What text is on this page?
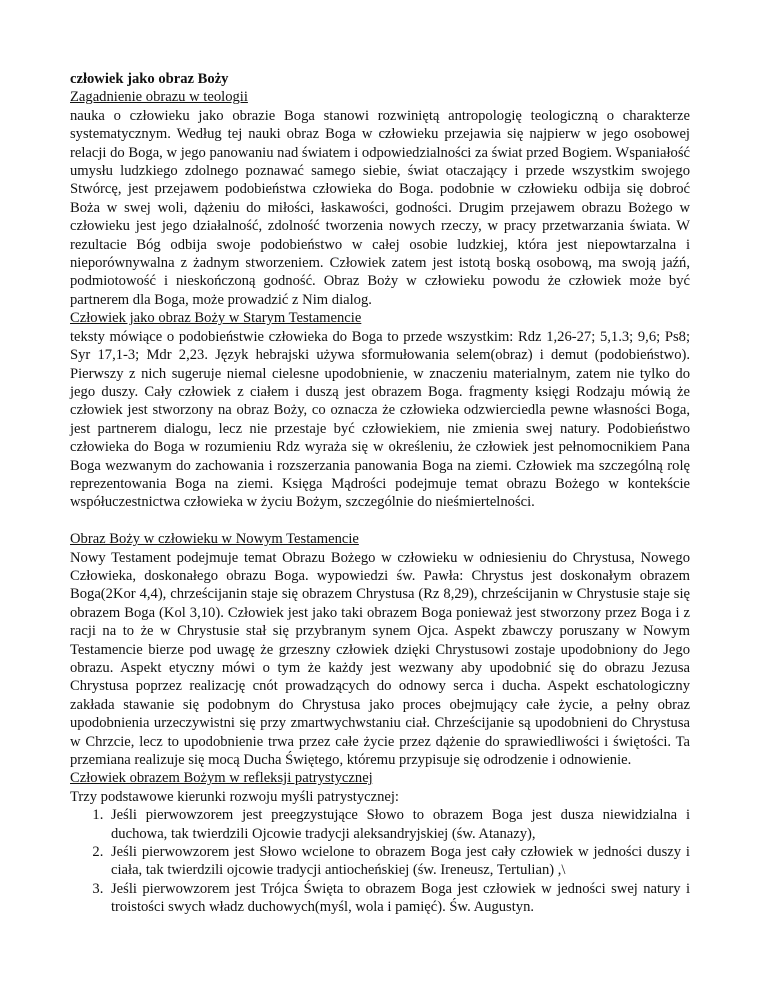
człowiek jako obraz Boży

Zagadnienie obrazu w teologii

nauka o człowieku jako obrazie Boga stanowi rozwiniętą antropologię teologiczną o charakterze systematycznym. Według tej nauki obraz Boga w człowieku przejawia się najpierw w jego osobowej relacji do Boga, w jego panowaniu nad światem i odpowiedzialności za świat przed Bogiem. Wspaniałość umysłu ludzkiego zdolnego poznawać samego siebie, świat otaczający i przede wszystkim swojego Stwórcę, jest przejawem podobieństwa człowieka do Boga. podobnie w człowieku odbija się dobroć Boża w swej woli, dążeniu do miłości, łaskawości, godności. Drugim przejawem obrazu Bożego w człowieku jest jego działalność, zdolność tworzenia nowych rzeczy, w pracy przetwarzania świata. W rezultacie Bóg odbija swoje podobieństwo w całej osobie ludzkiej, która jest niepowtarzalna i nieporównywalna z żadnym stworzeniem. Człowiek zatem jest istotą boską osobową, ma swoją jaźń, podmiotowość i nieskończoną godność. Obraz Boży w człowieku powodu że człowiek może być partnerem dla Boga, może prowadzić z Nim dialog.

Człowiek jako obraz Boży w Starym Testamencie

teksty mówiące o podobieństwie człowieka do Boga to przede wszystkim: Rdz 1,26-27; 5,1.3; 9,6; Ps8; Syr 17,1-3; Mdr 2,23. Język hebrajski używa sformułowania selem(obraz) i demut (podobieństwo). Pierwszy z nich sugeruje niemal cielesne upodobnienie, w znaczeniu materialnym, zatem nie tylko do jego duszy. Cały człowiek z ciałem i duszą jest obrazem Boga. fragmenty księgi Rodzaju mówią że człowiek jest stworzony na obraz Boży, co oznacza że człowieka odzwierciedla pewne własności Boga, jest partnerem dialogu, lecz nie przestaje być człowiekiem, nie zmienia swej natury. Podobieństwo człowieka do Boga w rozumieniu Rdz wyraża się w określeniu, że człowiek jest pełnomocnikiem Pana Boga wezwanym do zachowania i rozszerzania panowania Boga na ziemi. Człowiek ma szczególną rolę reprezentowania Boga na ziemi. Księga Mądrości podejmuje temat obrazu Bożego w kontekście współuczestnictwa człowieka w życiu Bożym, szczególnie do nieśmiertelności.

Obraz Boży w człowieku w Nowym Testamencie

Nowy Testament podejmuje temat Obrazu Bożego w człowieku w odniesieniu do Chrystusa, Nowego Człowieka, doskonałego obrazu Boga. wypowiedzi św. Pawła: Chrystus jest doskonałym obrazem Boga(2Kor 4,4), chrześcijanin staje się obrazem Chrystusa (Rz 8,29), chrześcijanin w Chrystusie staje się obrazem Boga (Kol 3,10). Człowiek jest jako taki obrazem Boga ponieważ jest stworzony przez Boga i z racji na to że w Chrystusie stał się przybranym synem Ojca. Aspekt zbawczy poruszany w Nowym Testamencie bierze pod uwagę że grzeszny człowiek dzięki Chrystusowi zostaje upodobniony do Jego obrazu. Aspekt etyczny mówi o tym że każdy jest wezwany aby upodobnić się do obrazu Jezusa Chrystusa poprzez realizację cnót prowadzących do odnowy serca i ducha. Aspekt eschatologiczny zakłada stawanie się podobnym do Chrystusa jako proces obejmujący całe życie, a pełny obraz upodobnienia urzeczywistni się przy zmartwychwstaniu ciał. Chrześcijanie są upodobnieni do Chrystusa w Chrzcie, lecz to upodobnienie trwa przez całe życie przez dążenie do sprawiedliwości i świętości. Ta przemiana realizuje się mocą Ducha Świętego, któremu przypisuje się odrodzenie i odnowienie.

Człowiek obrazem Bożym w refleksji patrystycznej

Trzy podstawowe kierunki rozwoju myśli patrystycznej:

1. Jeśli pierwowzorem jest preegzystujące Słowo to obrazem Boga jest dusza niewidzialna i duchowa, tak twierdzili Ojcowie tradycji aleksandryjskiej (św. Atanazy),
2. Jeśli pierwowzorem jest Słowo wcielone to obrazem Boga jest cały człowiek w jedności duszy i ciała, tak twierdzili ojcowie tradycji antiocheńskiej (św. Ireneusz, Tertulian) ,\
3. Jeśli pierwowzorem jest Trójca Święta to obrazem Boga jest człowiek w jedności swej natury i troistości swych władz duchowych(myśl, wola i pamięć). Św. Augustyn.
